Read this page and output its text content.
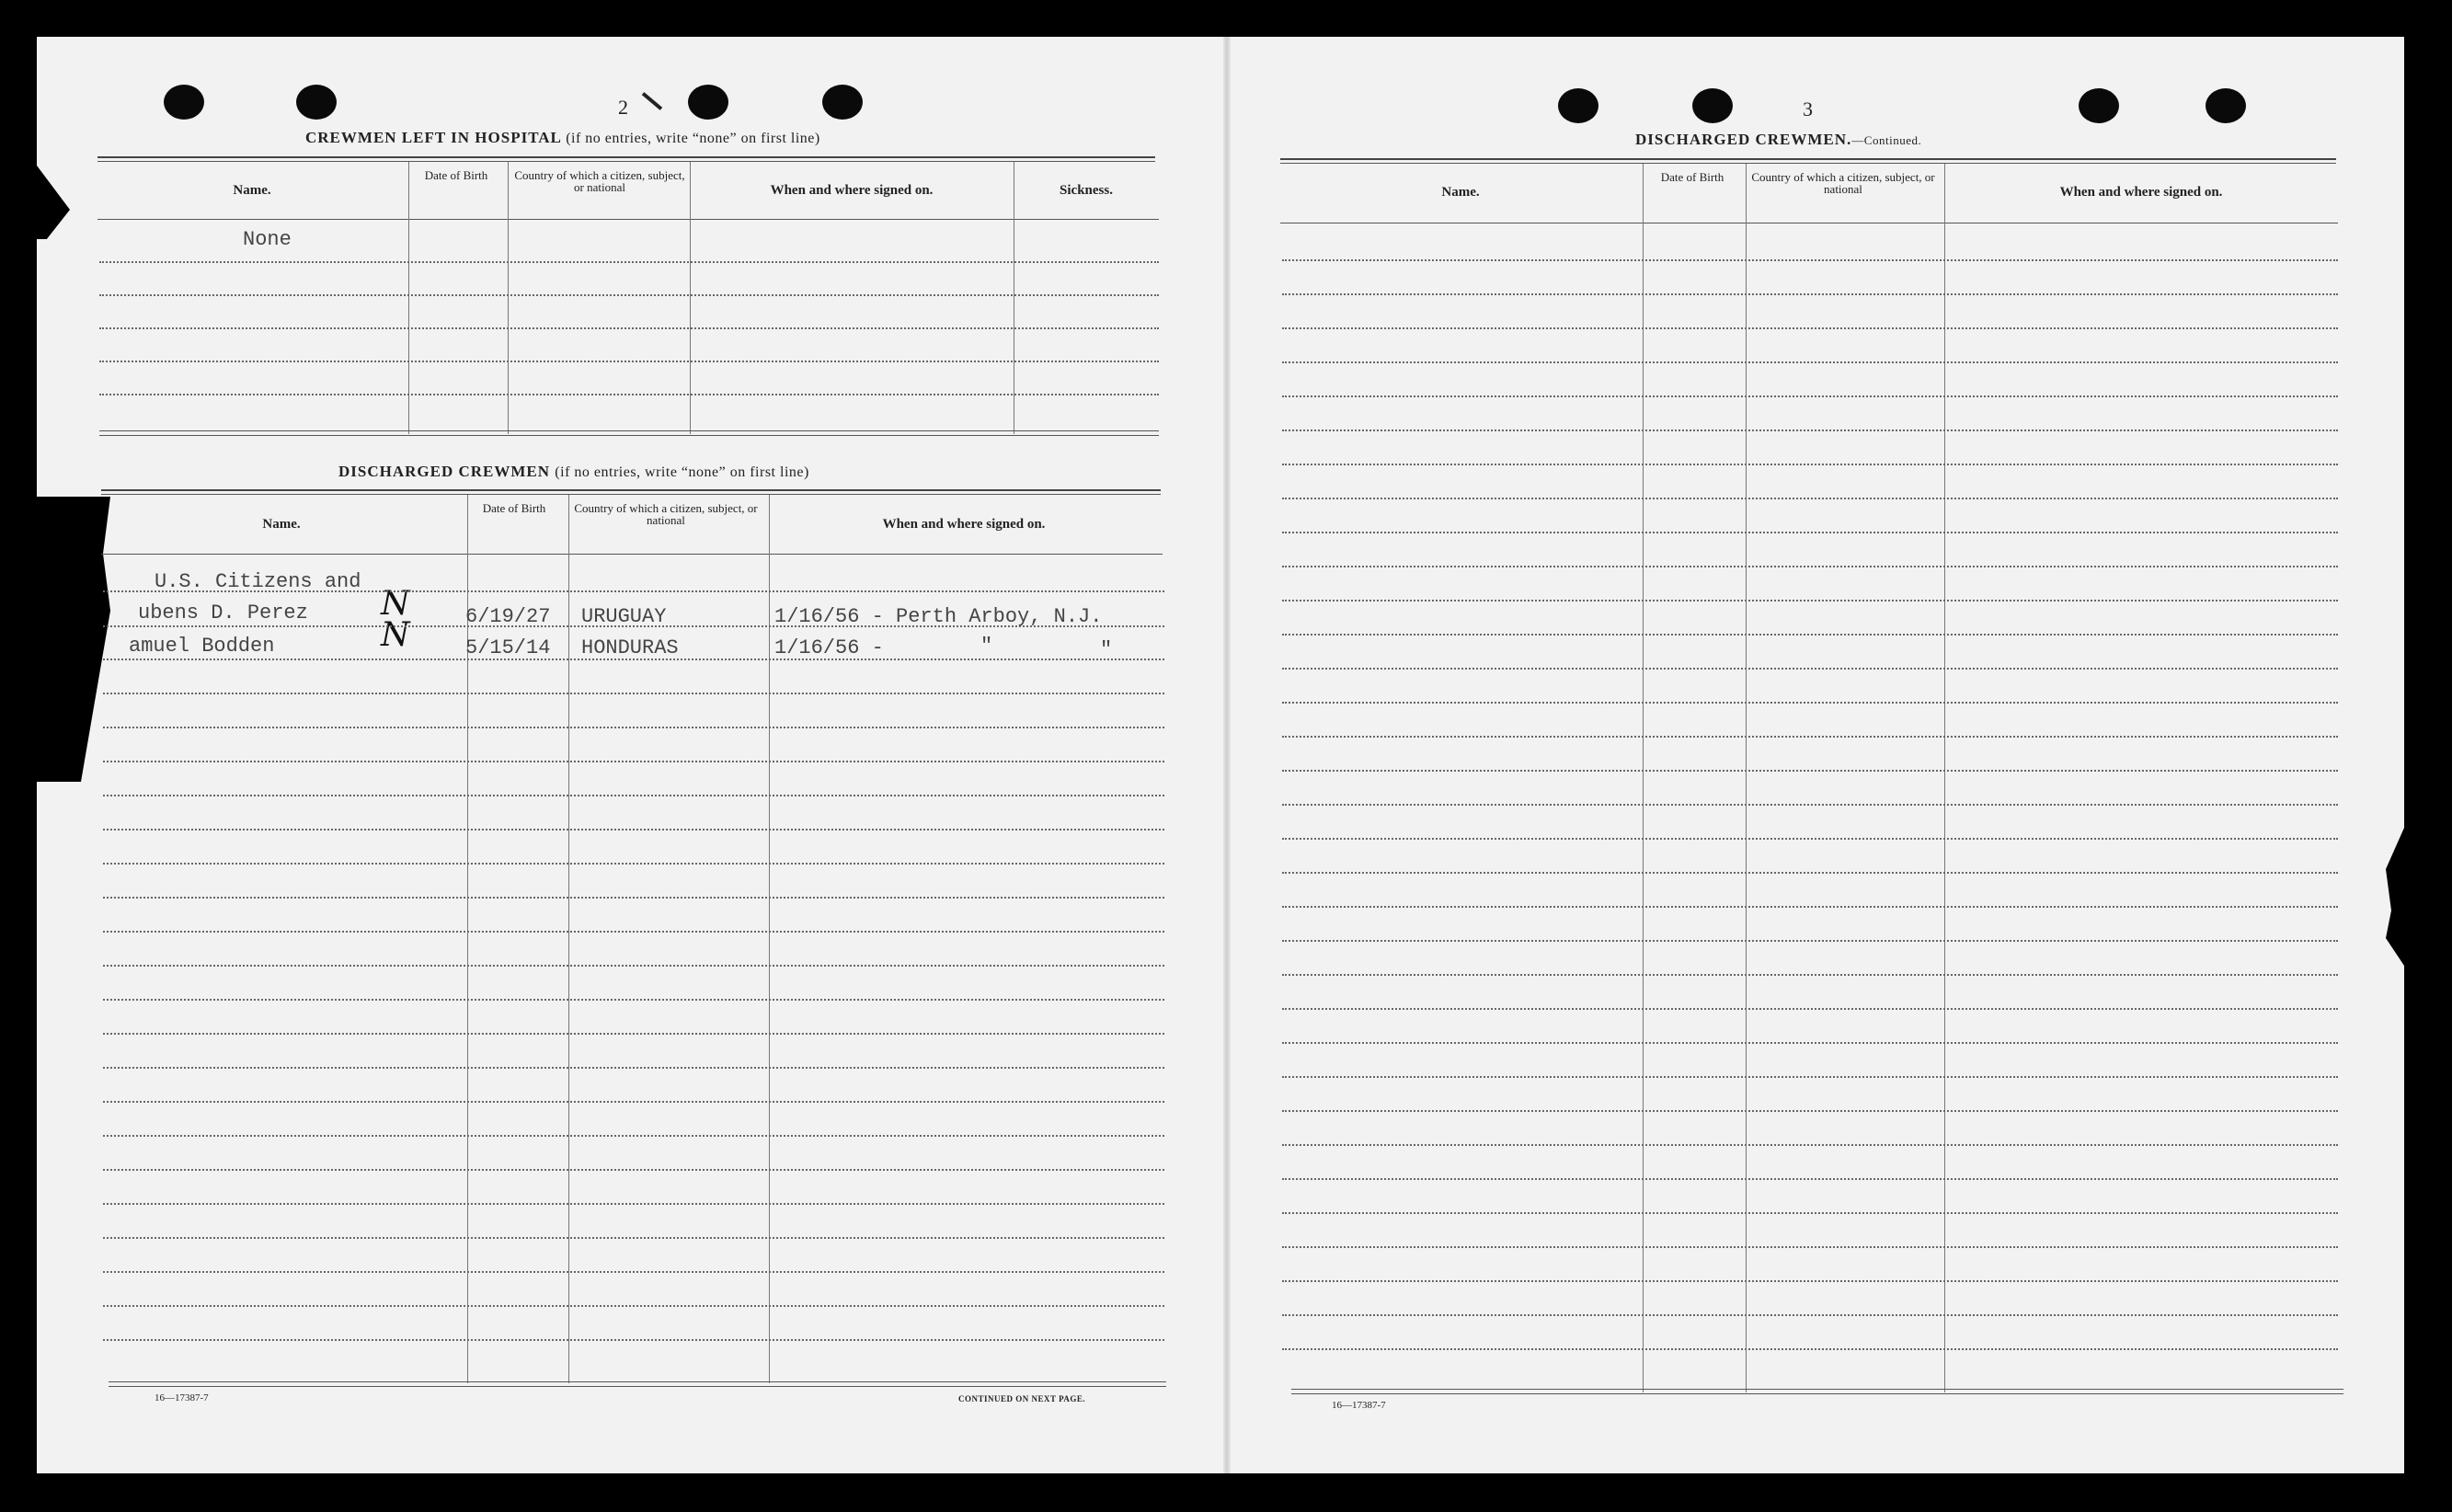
2
CREWMEN LEFT IN HOSPITAL (if no entries, write “none” on first line)
Name.
Date of Birth	Country of which a citizen, subject, or national	When and where signed on.	Sickness.
None
DISCHARGED CREWMEN (if no entries, write “none” on first line)
Name.
Date of Birth	Country of which a citizen, subject, or national	When and where signed on.
U.S. Citizens and
ubens D. Perez	6/19/27 URUGUAY	1/16/56 - Perth Arboy, N.J.
amuel Bodden	5/15/14 HONDURAS	1/16/56 -	"	"
N
N
16—17387-7	CONTINUED ON NEXT PAGE.
3
DISCHARGED CREWMEN.—Continued.
Name.
Date of Birth	Country of which a citizen, subject, or national	When and where signed on.
16—17387-7
